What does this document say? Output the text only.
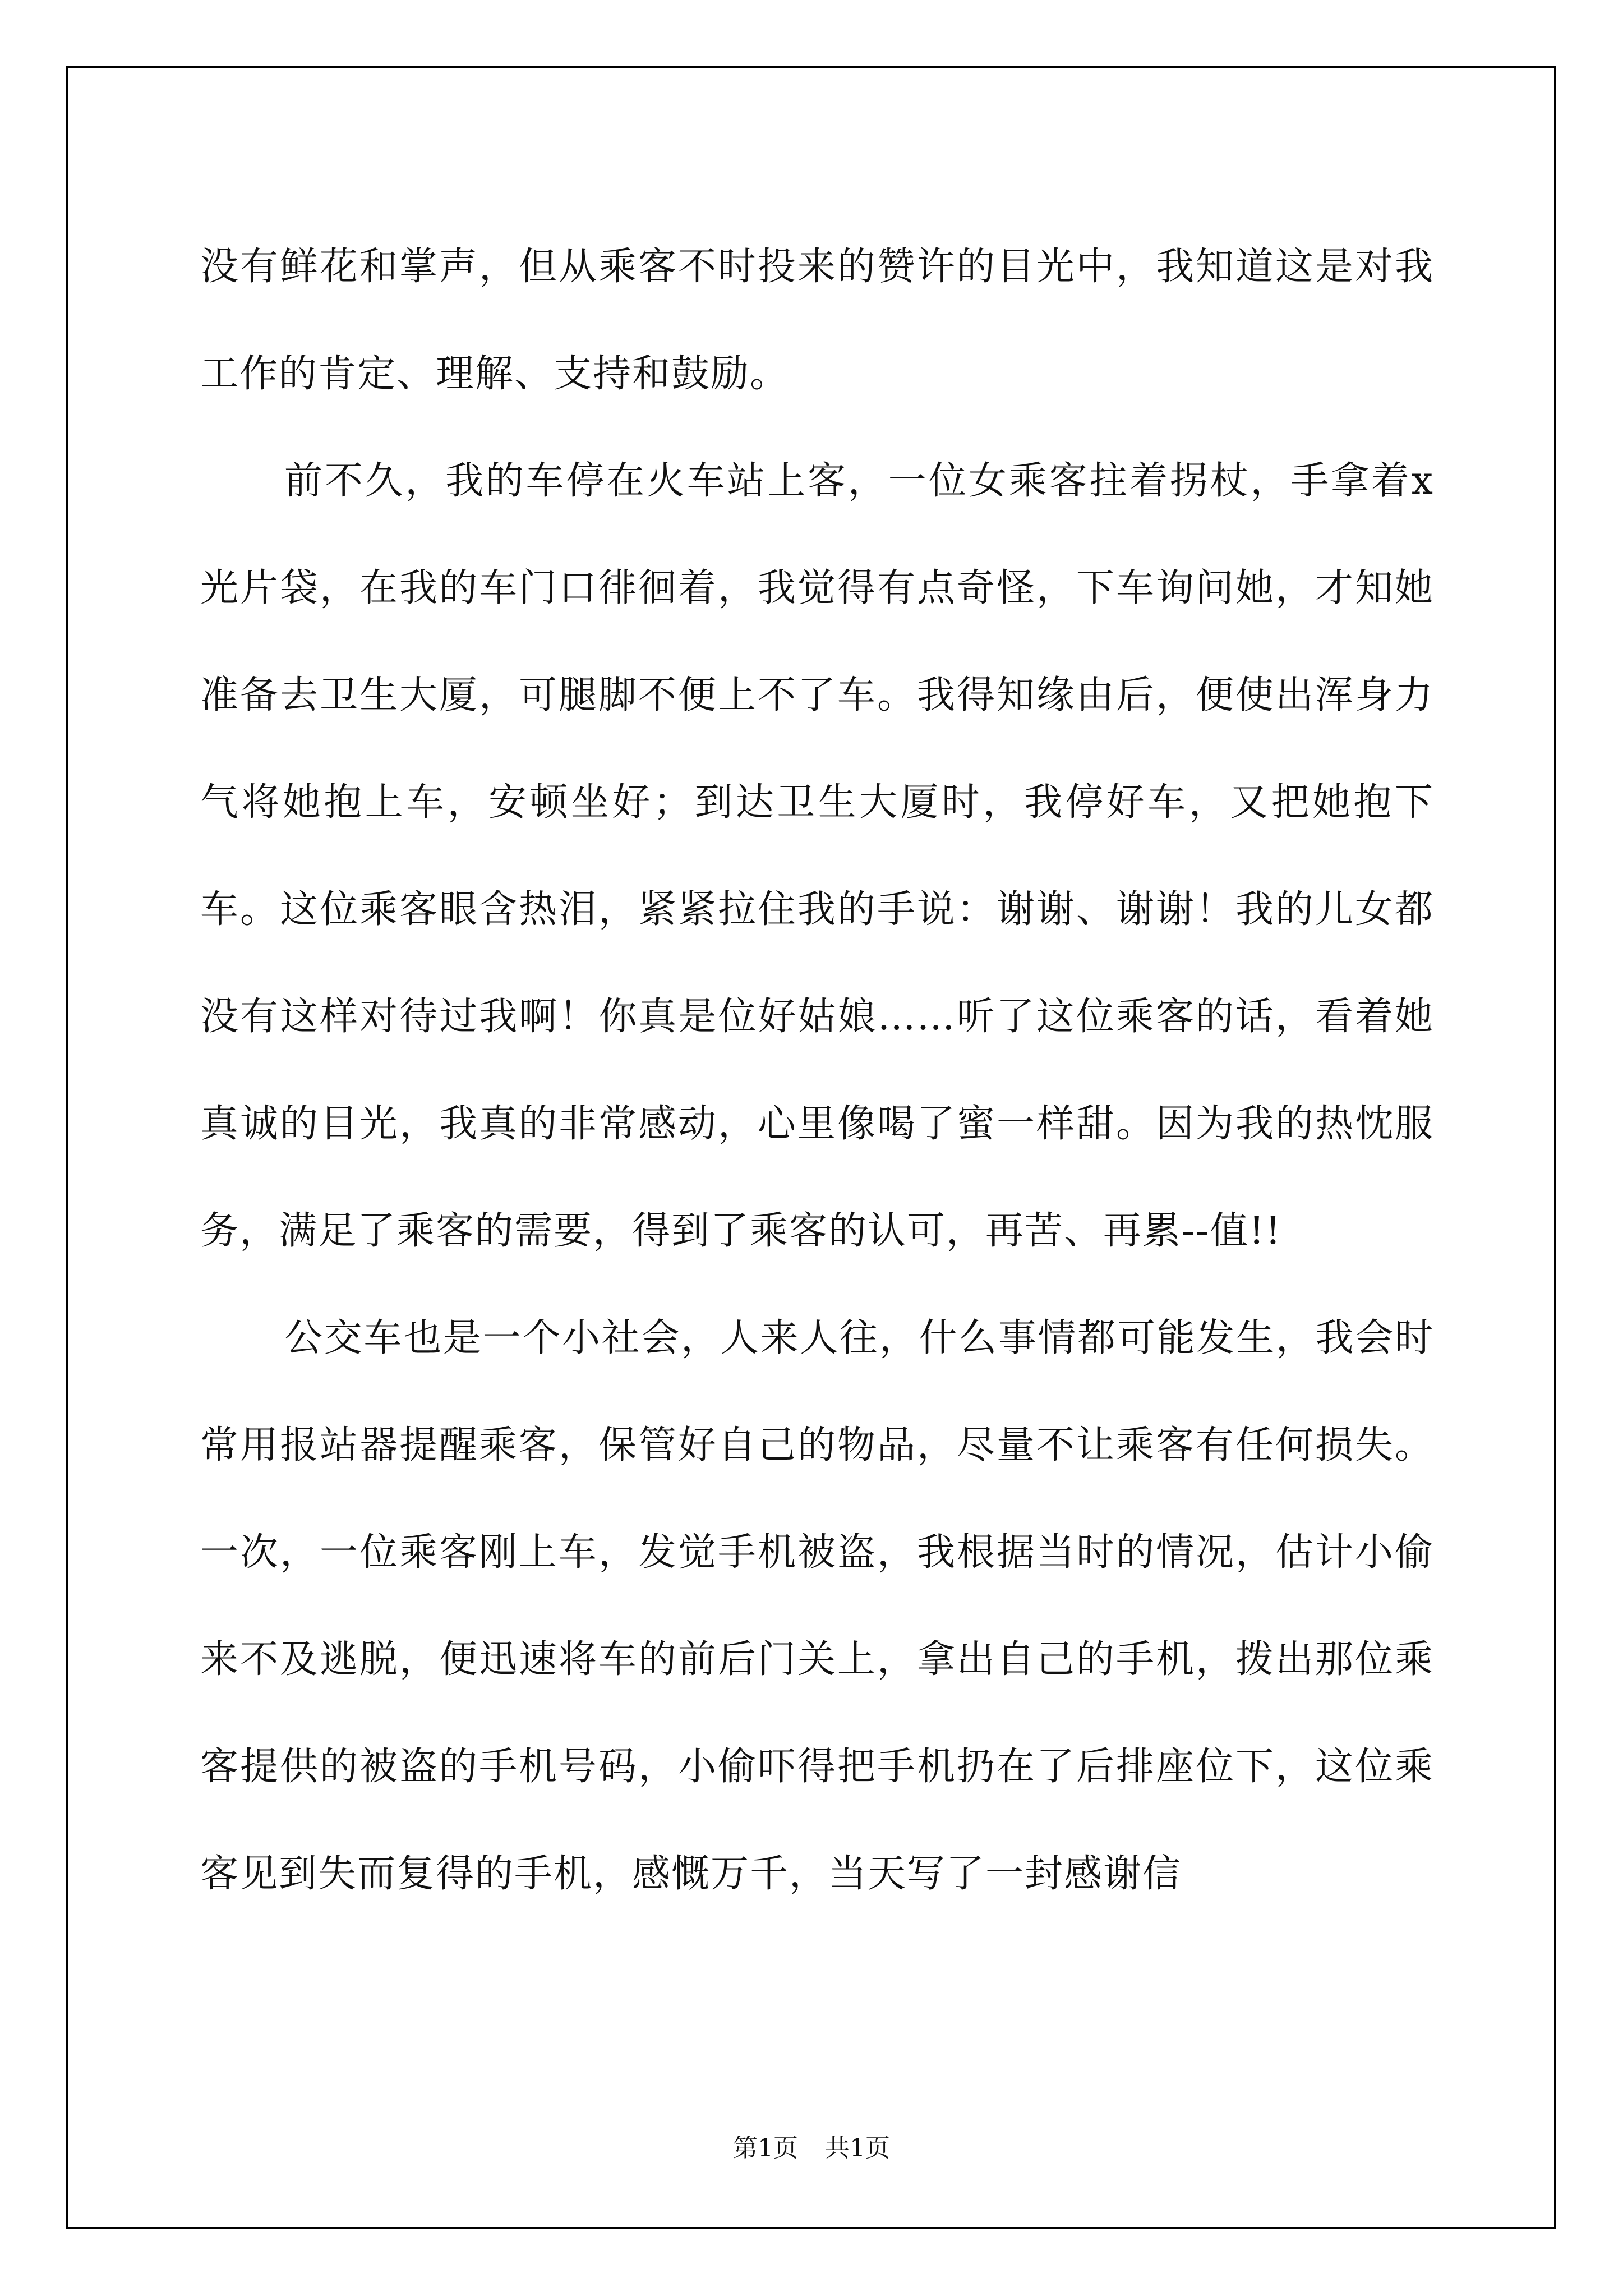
没有鲜花和掌声，但从乘客不时投来的赞许的目光中，我知道这是对我工作的肯定、理解、支持和鼓励。

前不久，我的车停在火车站上客，一位女乘客拄着拐杖，手拿着x光片袋，在我的车门口徘徊着，我觉得有点奇怪，下车询问她，才知她准备去卫生大厦，可腿脚不便上不了车。我得知缘由后，便使出浑身力气将她抱上车，安顿坐好；到达卫生大厦时，我停好车，又把她抱下车。这位乘客眼含热泪，紧紧拉住我的手说：谢谢、谢谢！我的儿女都没有这样对待过我啊！你真是位好姑娘……听了这位乘客的话，看着她真诚的目光，我真的非常感动，心里像喝了蜜一样甜。因为我的热忱服务，满足了乘客的需要，得到了乘客的认可，再苦、再累--值!!

公交车也是一个小社会，人来人往，什么事情都可能发生，我会时常用报站器提醒乘客，保管好自己的物品，尽量不让乘客有任何损失。一次，一位乘客刚上车，发觉手机被盗，我根据当时的情况，估计小偷来不及逃脱，便迅速将车的前后门关上，拿出自己的手机，拨出那位乘客提供的被盗的手机号码，小偷吓得把手机扔在了后排座位下，这位乘客见到失而复得的手机，感慨万千，当天写了一封感谢信

第1页 共1页
